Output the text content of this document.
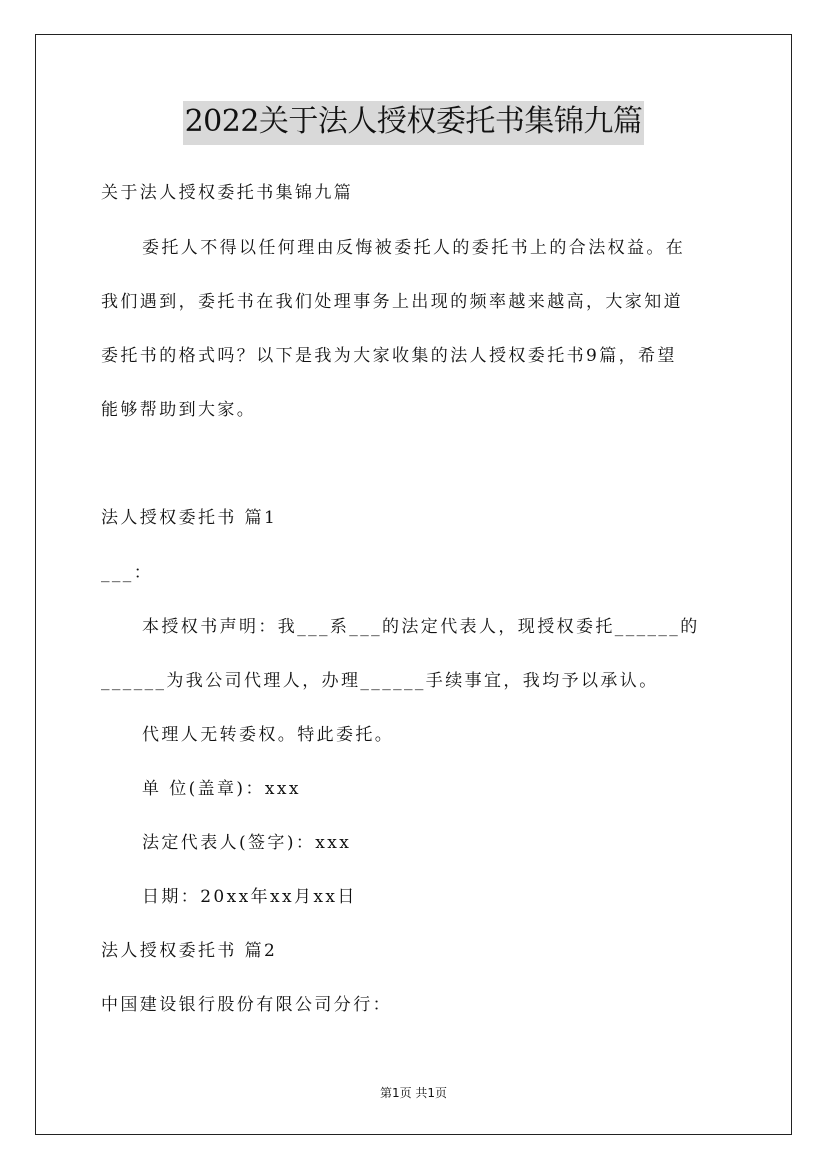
2022关于法人授权委托书集锦九篇
关于法人授权委托书集锦九篇
委托人不得以任何理由反悔被委托人的委托书上的合法权益。在
我们遇到，委托书在我们处理事务上出现的频率越来越高，大家知道
委托书的格式吗？以下是我为大家收集的法人授权委托书9篇，希望
能够帮助到大家。
法人授权委托书 篇1
___：
本授权书声明：我___系___的法定代表人，现授权委托______的
______为我公司代理人，办理______手续事宜，我均予以承认。
代理人无转委权。特此委托。
单 位(盖章)：xxx
法定代表人(签字)：xxx
日期：20xx年xx月xx日
法人授权委托书 篇2
中国建设银行股份有限公司分行：
第1页 共1页
